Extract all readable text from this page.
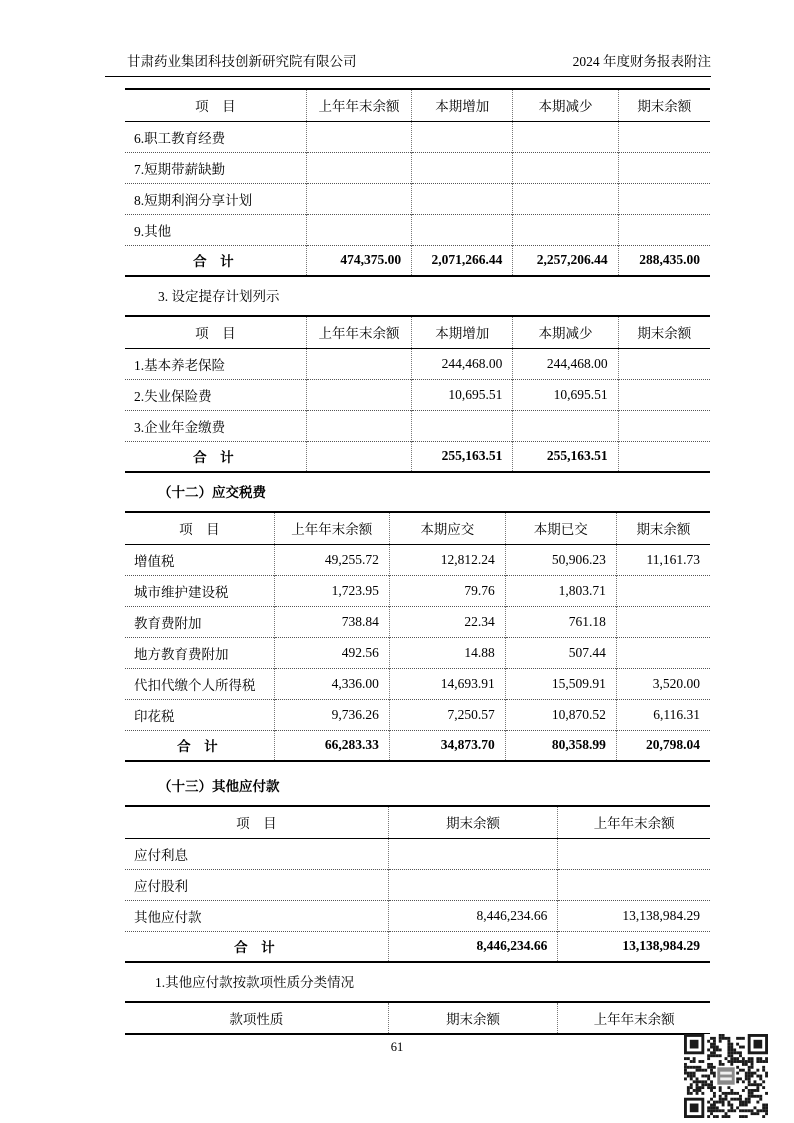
甘肃药业集团科技创新研究院有限公司	2024 年度财务报表附注
项　目	上年年末余额	本期增加	本期减少	期末余额
6.职工教育经费				
7.短期带薪缺勤				
8.短期利润分享计划				
9.其他				
合　计	474,375.00	2,071,266.44	2,257,206.44	288,435.00
3. 设定提存计划列示
项　目	上年年末余额	本期增加	本期减少	期末余额
1.基本养老保险		244,468.00	244,468.00	
2.失业保险费		10,695.51	10,695.51	
3.企业年金缴费				
合　计		255,163.51	255,163.51	
（十二）应交税费
项　目	上年年末余额	本期应交	本期已交	期末余额
增值税	49,255.72	12,812.24	50,906.23	11,161.73
城市维护建设税	1,723.95	79.76	1,803.71	
教育费附加	738.84	22.34	761.18	
地方教育费附加	492.56	14.88	507.44	
代扣代缴个人所得税	4,336.00	14,693.91	15,509.91	3,520.00
印花税	9,736.26	7,250.57	10,870.52	6,116.31
合　计	66,283.33	34,873.70	80,358.99	20,798.04
（十三）其他应付款
项　目	期末余额	上年年末余额
应付利息		
应付股利		
其他应付款	8,446,234.66	13,138,984.29
合　计	8,446,234.66	13,138,984.29
1.其他应付款按款项性质分类情况
款项性质	期末余额	上年年末余额
61
